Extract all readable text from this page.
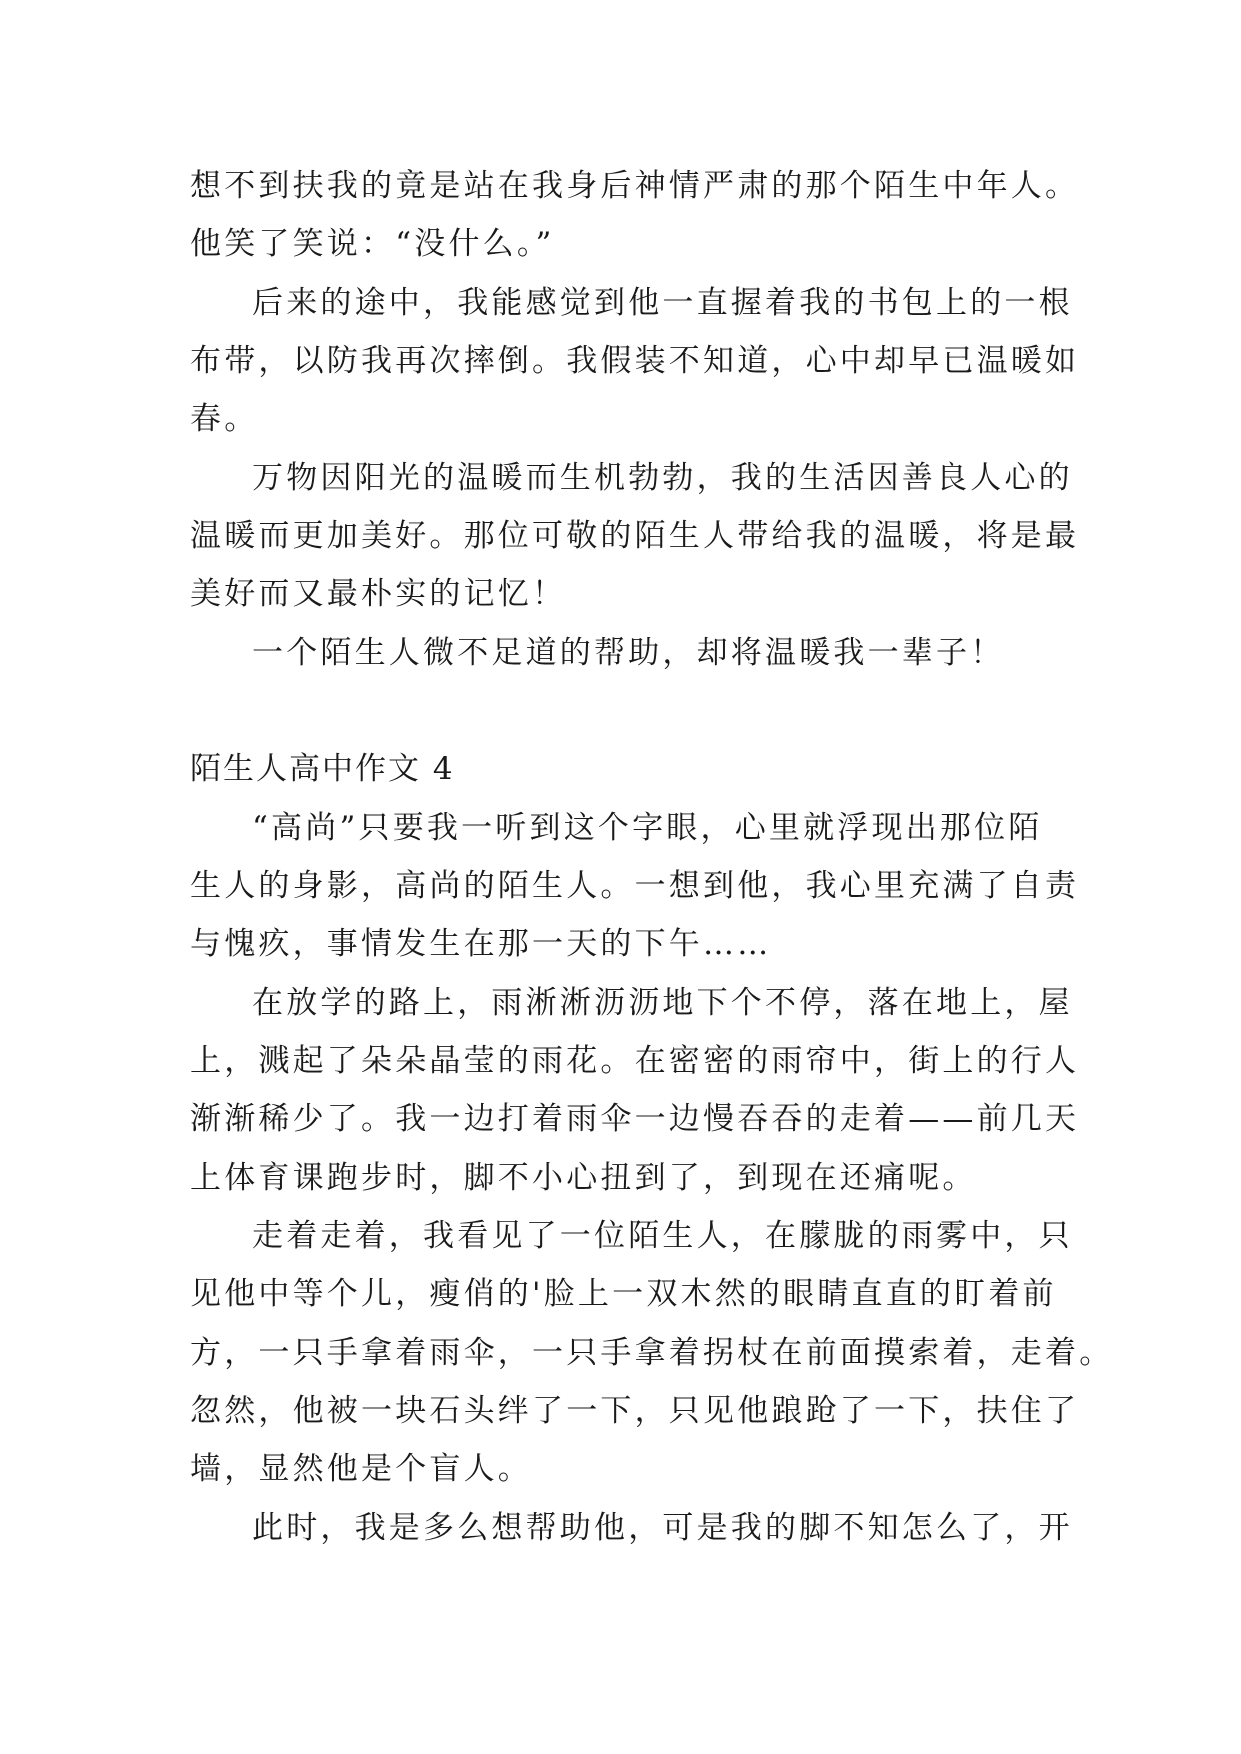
想不到扶我的竟是站在我身后神情严肃的那个陌生中年人。
他笑了笑说：“没什么。”
后来的途中，我能感觉到他一直握着我的书包上的一根
布带，以防我再次摔倒。我假装不知道，心中却早已温暖如
春。
万物因阳光的温暖而生机勃勃，我的生活因善良人心的
温暖而更加美好。那位可敬的陌生人带给我的温暖，将是最
美好而又最朴实的记忆！
一个陌生人微不足道的帮助，却将温暖我一辈子！
陌生人高中作文 4
“高尚”只要我一听到这个字眼，心里就浮现出那位陌
生人的身影，高尚的陌生人。一想到他，我心里充满了自责
与愧疚，事情发生在那一天的下午……
在放学的路上，雨淅淅沥沥地下个不停，落在地上，屋
上，溅起了朵朵晶莹的雨花。在密密的雨帘中，街上的行人
渐渐稀少了。我一边打着雨伞一边慢吞吞的走着——前几天
上体育课跑步时，脚不小心扭到了，到现在还痛呢。
走着走着，我看见了一位陌生人，在朦胧的雨雾中，只
见他中等个儿，瘦俏的'脸上一双木然的眼睛直直的盯着前
方，一只手拿着雨伞，一只手拿着拐杖在前面摸索着，走着。
忽然，他被一块石头绊了一下，只见他踉跄了一下，扶住了
墙，显然他是个盲人。
此时，我是多么想帮助他，可是我的脚不知怎么了，开
